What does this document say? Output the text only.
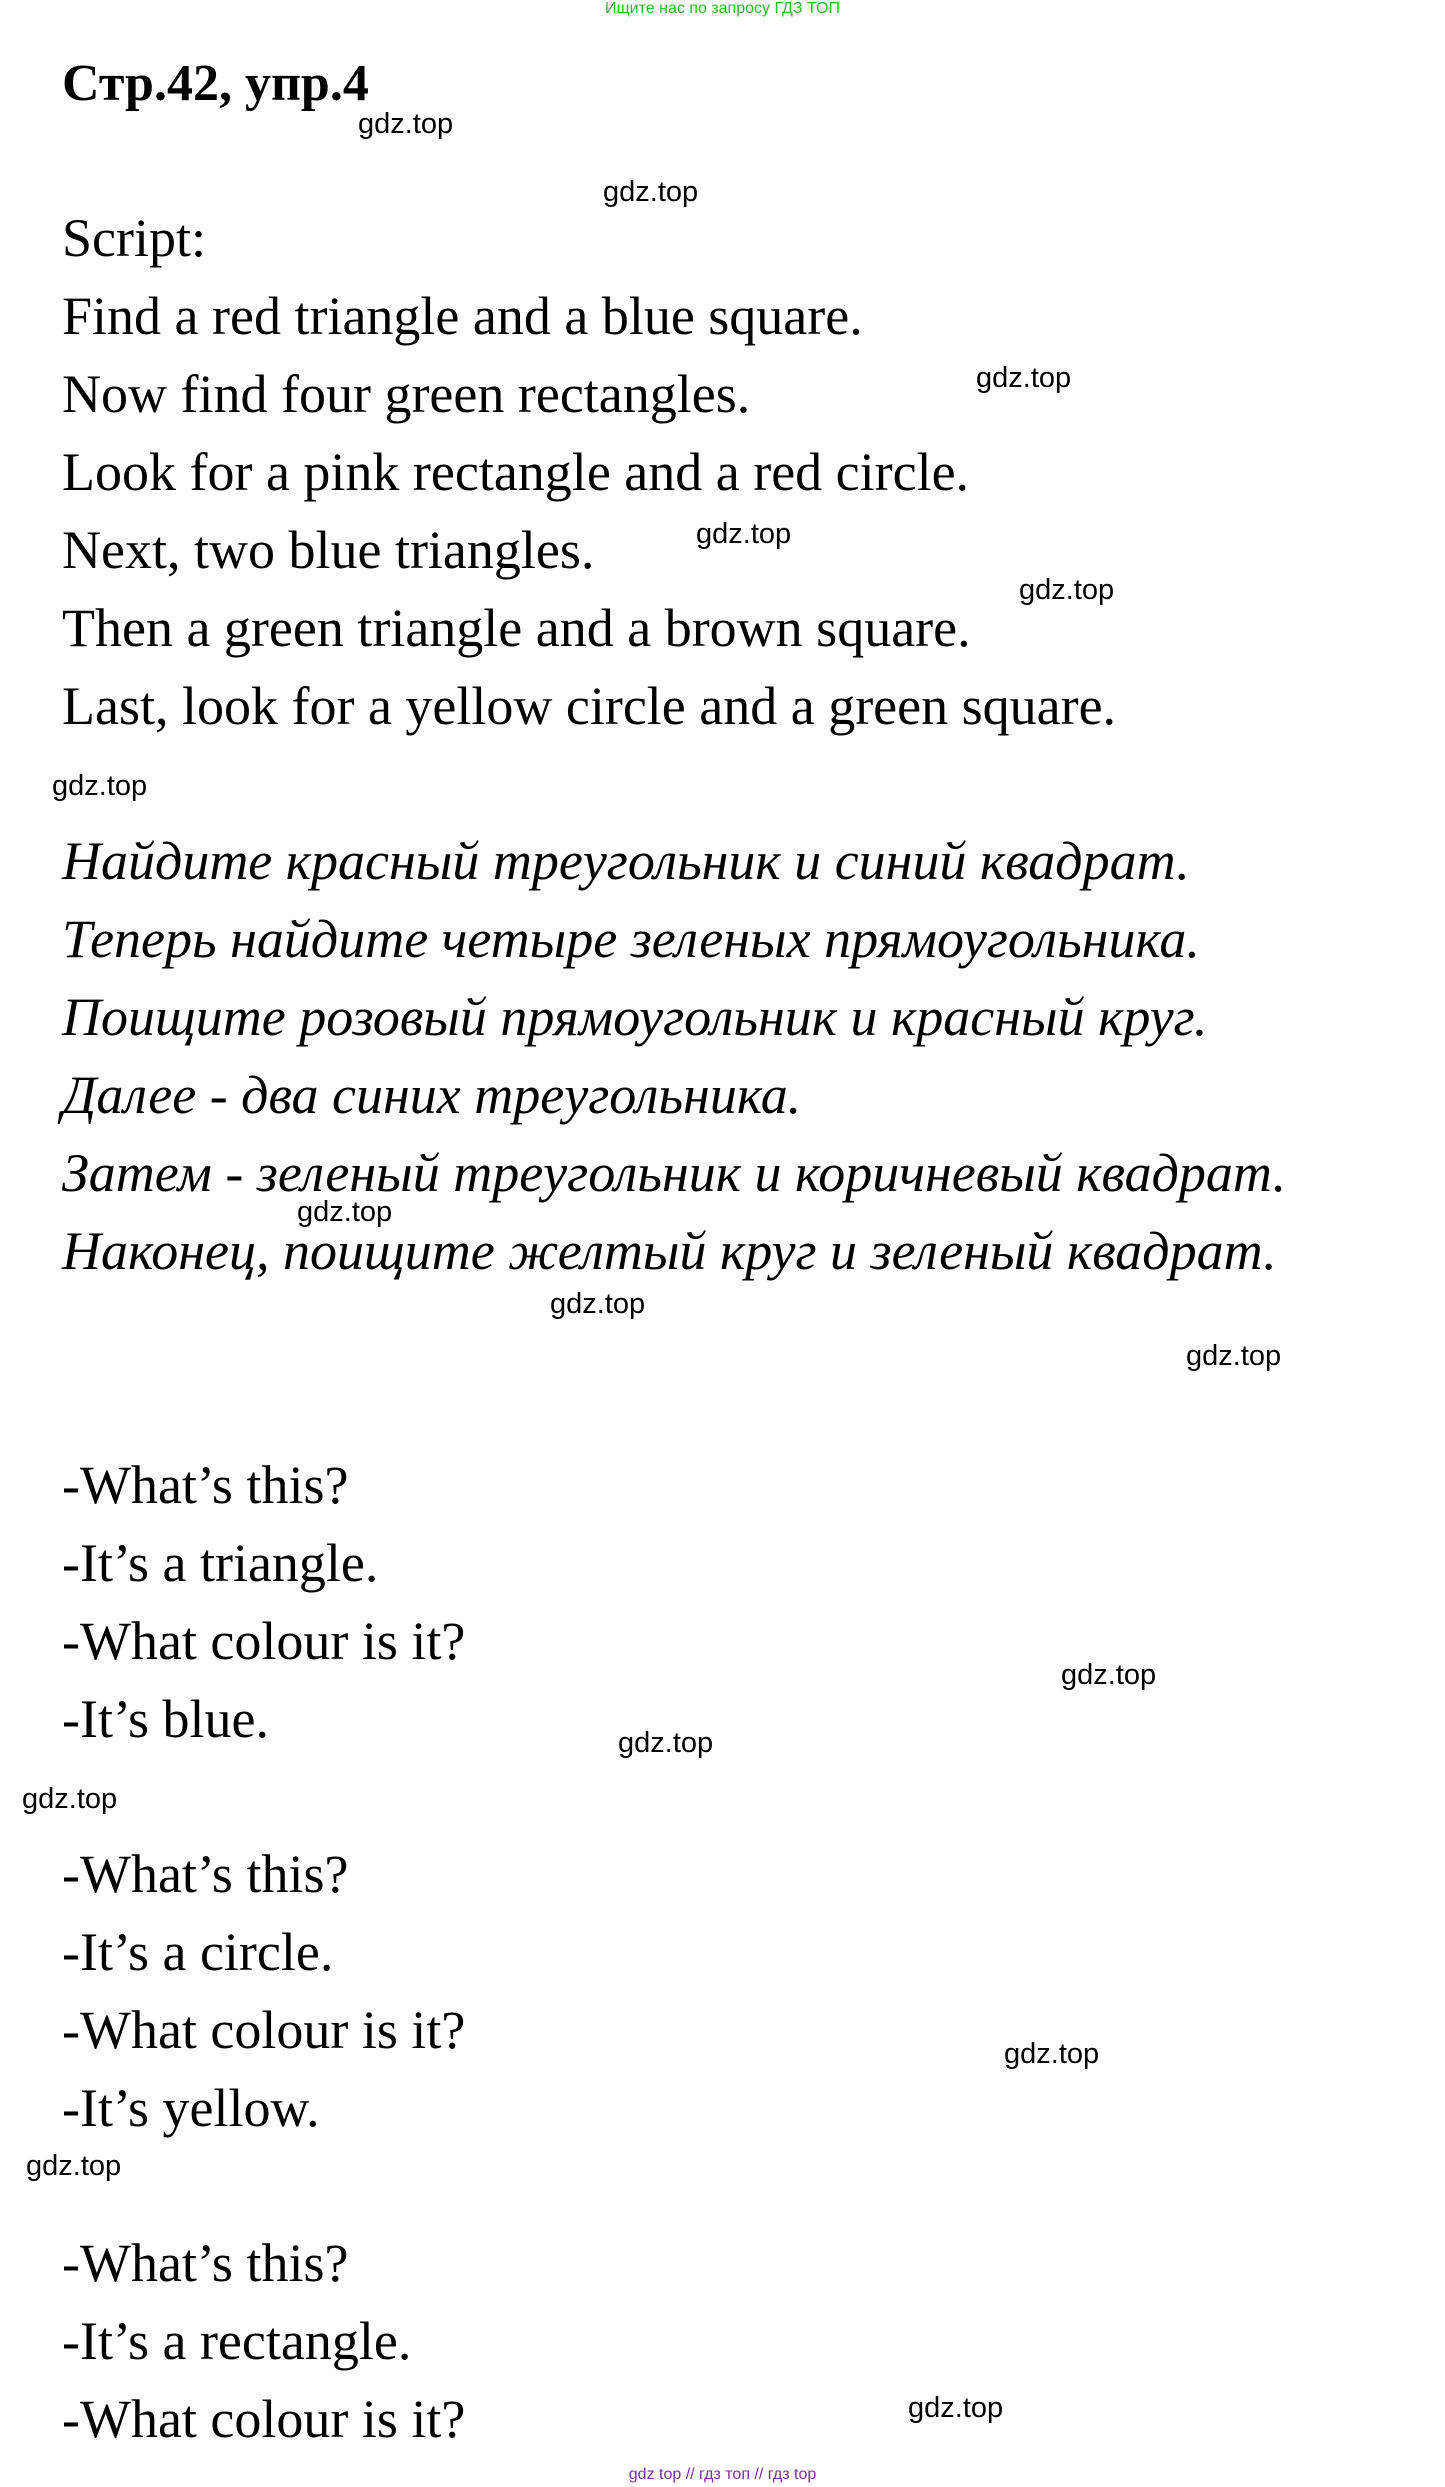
Ищите нас по запросу ГДЗ ТОП
Стр.42, упр.4
Script:
Find a red triangle and a blue square.
Now find four green rectangles.
Look for a pink rectangle and a red circle.
Next, two blue triangles.
Then a green triangle and a brown square.
Last, look for a yellow circle and a green square.
Найдите красный треугольник и синий квадрат.
Теперь найдите четыре зеленых прямоугольника.
Поищите розовый прямоугольник и красный круг.
Далее - два синих треугольника.
Затем - зеленый треугольник и коричневый квадрат.
Наконец, поищите желтый круг и зеленый квадрат.
-What’s this?
-It’s a triangle.
-What colour is it?
-It’s blue.
-What’s this?
-It’s a circle.
-What colour is it?
-It’s yellow.
-What’s this?
-It’s a rectangle.
-What colour is it?
gdz.top
gdz.top
gdz.top
gdz.top
gdz.top
gdz.top
gdz.top
gdz.top
gdz.top
gdz.top
gdz.top
gdz.top
gdz.top
gdz.top
gdz.top
gdz top // гдз топ // гдз top
